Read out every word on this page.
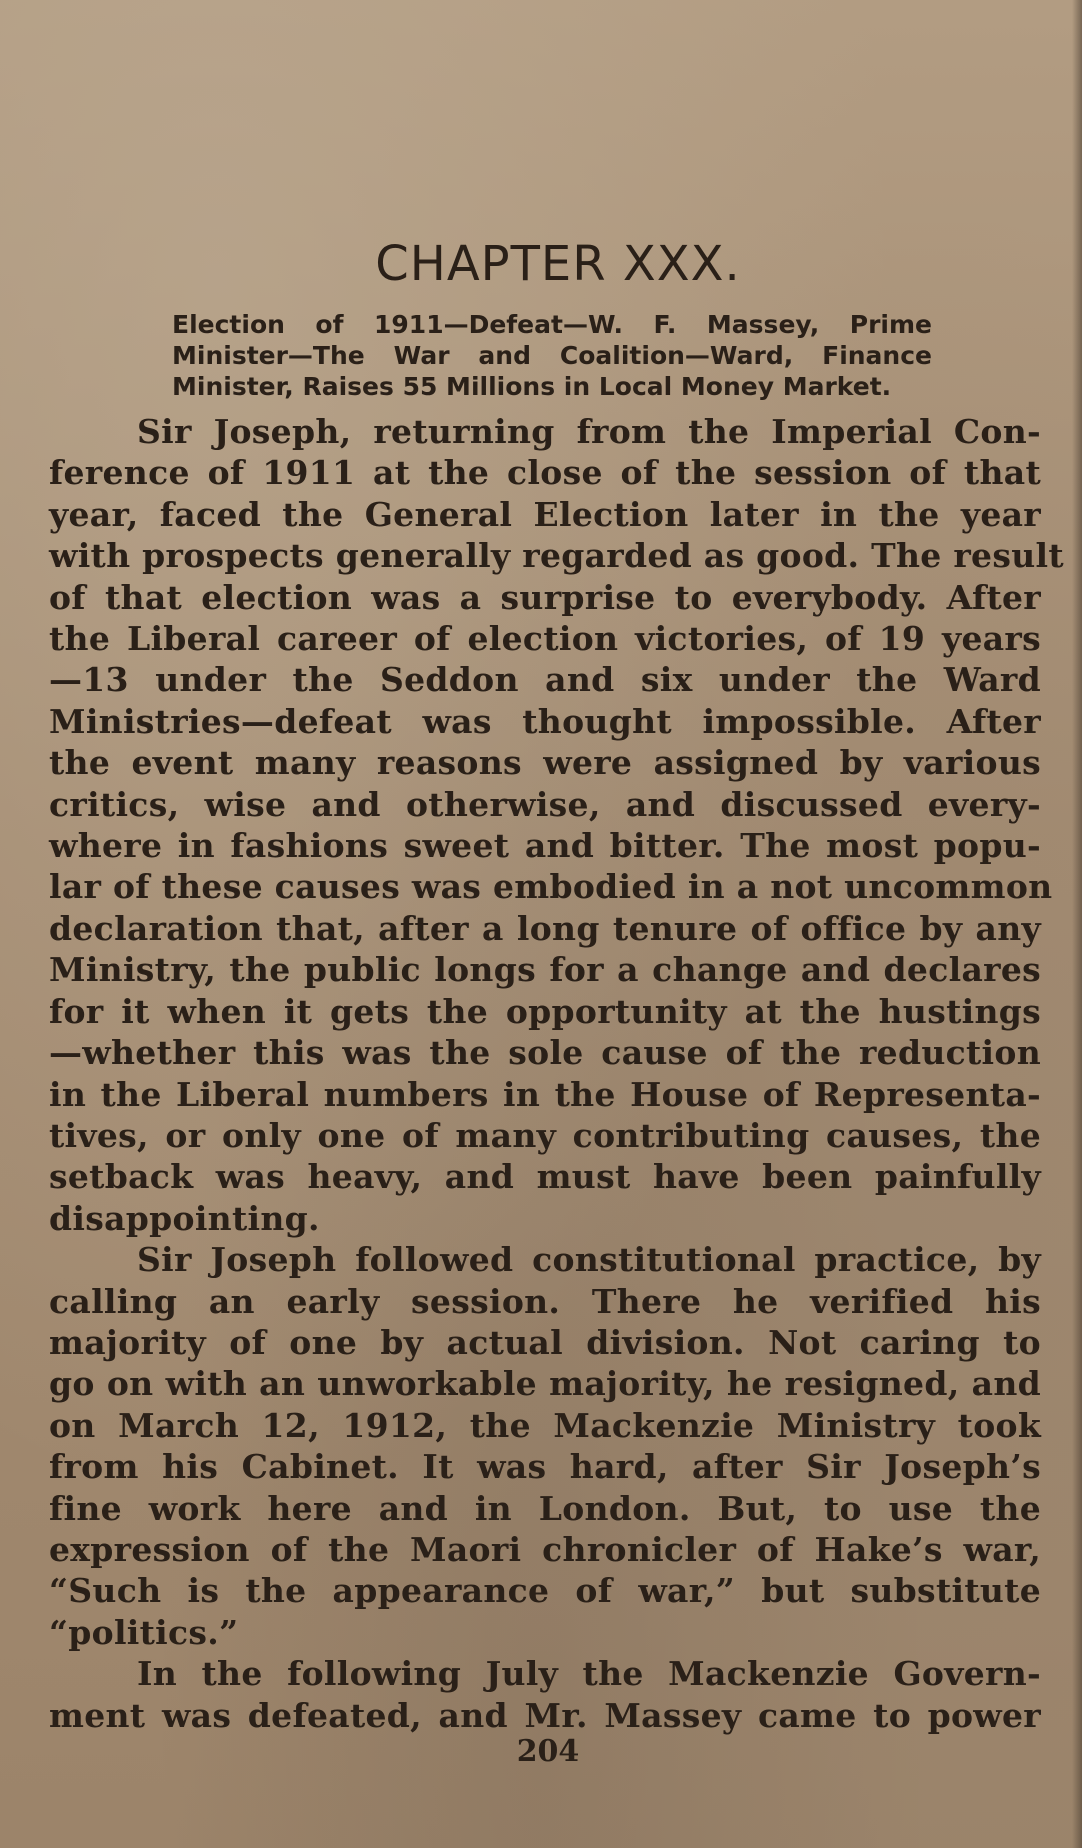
CHAPTER XXX.
Election of 1911—Defeat—W. F. Massey, Prime
Minister—The War and Coalition—Ward, Finance
Minister, Raises 55 Millions in Local Money Market.

Sir Joseph, returning from the Imperial Con-
ference of 1911 at the close of the session of that
year, faced the General Election later in the year
with prospects generally regarded as good. The result
of that election was a surprise to everybody. After
the Liberal career of election victories, of 19 years
—13 under the Seddon and six under the Ward
Ministries—defeat was thought impossible. After
the event many reasons were assigned by various
critics, wise and otherwise, and discussed every-
where in fashions sweet and bitter. The most popu-
lar of these causes was embodied in a not uncommon
declaration that, after a long tenure of office by any
Ministry, the public longs for a change and declares
for it when it gets the opportunity at the hustings
—whether this was the sole cause of the reduction
in the Liberal numbers in the House of Representa-
tives, or only one of many contributing causes, the
setback was heavy, and must have been painfully
disappointing.

Sir Joseph followed constitutional practice, by
calling an early session. There he verified his
majority of one by actual division. Not caring to
go on with an unworkable majority, he resigned, and
on March 12, 1912, the Mackenzie Ministry took
from his Cabinet. It was hard, after Sir Joseph’s
fine work here and in London. But, to use the
expression of the Maori chronicler of Hake’s war,
“Such is the appearance of war,” but substitute
“politics.”

In the following July the Mackenzie Govern-
ment was defeated, and Mr. Massey came to power

204
